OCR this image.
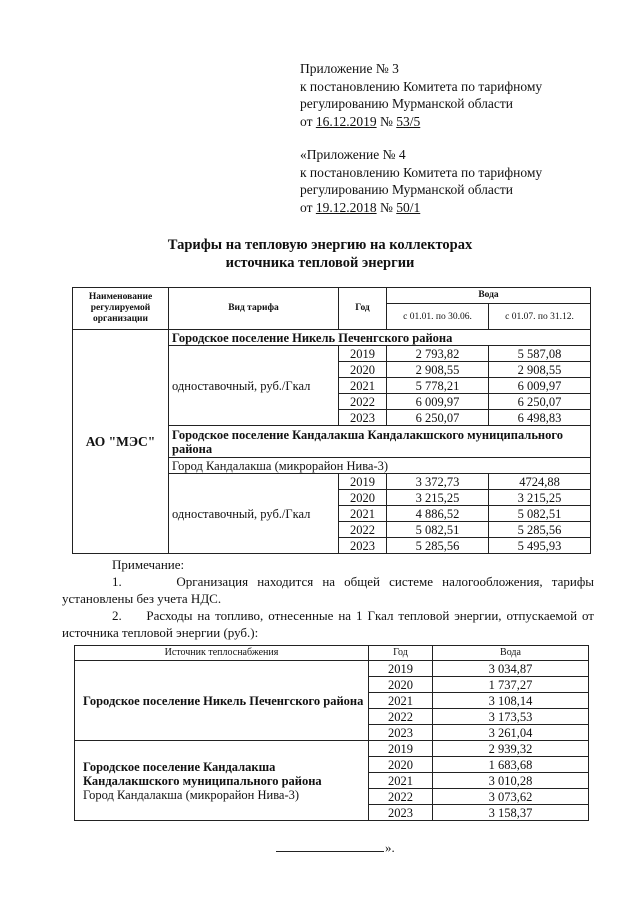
Приложение № 3
к постановлению Комитета по тарифному
регулированию Мурманской области
от 16.12.2019 № 53/5
«Приложение № 4
к постановлению Комитета по тарифному
регулированию Мурманской области
от 19.12.2018 № 50/1
Тарифы на тепловую энергию на коллекторах
источника тепловой энергии
Наименование регулируемой организации	Вид тарифа	Год	Вода	
			с 01.01. по 30.06.	с 01.07. по 31.12.
АО "МЭС"	Городское поселение Никель Печенгского района			
	одноставочный, руб./Гкал	2019	2 793,82	5 587,08
		2020	2 908,55	2 908,55
		2021	5 778,21	6 009,97
		2022	6 009,97	6 250,07
		2023	6 250,07	6 498,83
	Городское поселение Кандалакша Кандалакшского муниципального района			
	Город Кандалакша (микрорайон Нива-3)			
	одноставочный, руб./Гкал	2019	3 372,73	4724,88
		2020	3 215,25	3 215,25
		2021	4 886,52	5 082,51
		2022	5 082,51	5 285,56
		2023	5 285,56	5 495,93
Примечание:
1.	Организация находится на общей системе налогообложения, тарифы
установлены без учета НДС.
2. Расходы на топливо, отнесенные на 1 Гкал тепловой энергии, отпускаемой от
источника тепловой энергии (руб.):
Источник теплоснабжения	Год	Вода
Городское поселение Никель Печенгского района	2019	3 034,87
	2020	1 737,27
	2021	3 108,14
	2022	3 173,53
	2023	3 261,04

Городское поселение Кандалакша Кандалакшского муниципального района
Город Кандалакша (микрорайон Нива-3)	2019	2 939,32
	2020	1 683,68
	2021	3 010,28
	2022	3 073,62
	2023	3 158,37
».
